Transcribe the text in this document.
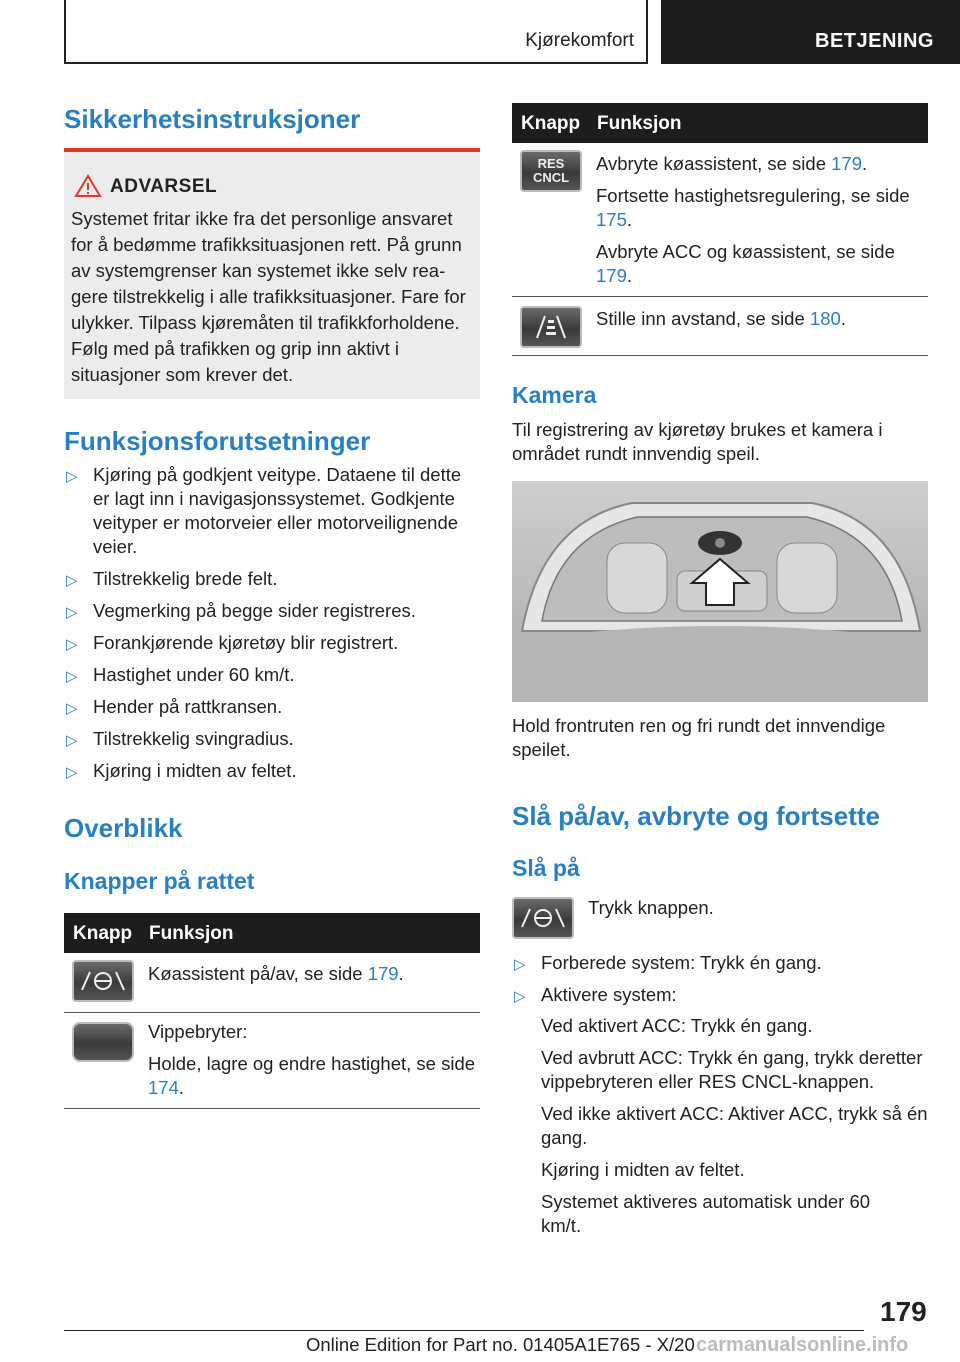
Kjørekomfort	BETJENING
Sikkerhetsinstruksjoner
ADVARSEL
Systemet fritar ikke fra det personlige ansvaret for å bedømme trafikksituasjonen rett. På grunn av systemgrenser kan systemet ikke selv reagere tilstrekkelig i alle trafikksituasjoner. Fare for ulykker. Tilpass kjøremåten til trafikkforholdene. Følg med på trafikken og grip inn aktivt i situasjoner som krever det.
Funksjonsforutsetninger
▷ Kjøring på godkjent veitype. Dataene til dette er lagt inn i navigasjonssystemet. Godkjente veityper er motorveier eller motorveilignende veier.
▷ Tilstrekkelig brede felt.
▷ Vegmerking på begge sider registreres.
▷ Forankjørende kjøretøy blir registrert.
▷ Hastighet under 60 km/t.
▷ Hender på rattkransen.
▷ Tilstrekkelig svingradius.
▷ Kjøring i midten av feltet.
Overblikk
Knapper på rattet
Knapp Funksjon
Køassistent på/av, se side 179.

Vippebryter:

Holde, lagre og endre hastighet, se side 174.

Knapp Funksjon
RES
CNCL

Avbryte køassistent, se side 179.

Fortsette hastighetsregulering, se side 175.

Avbryte ACC og køassistent, se side 179.

Stille inn avstand, se side 180.
Kamera
Til registrering av kjøretøy brukes et kamera i området rundt innvendig speil.
Hold frontruten ren og fri rundt det innvendige speilet.
Slå på/av, avbryte og fortsette
Slå på
Trykk knappen.
▷ Forberede system: Trykk én gang.
▷ Aktivere system:

Ved aktivert ACC: Trykk én gang.

Ved avbrutt ACC: Trykk én gang, trykk deretter vippebryteren eller RES CNCL-knappen.

Ved ikke aktivert ACC: Aktiver ACC, trykk så én gang.

Kjøring i midten av feltet.

Systemet aktiveres automatisk under 60 km/t.

179
Online Edition for Part no. 01405A1E765 - X/20 carmanualsonline.info
